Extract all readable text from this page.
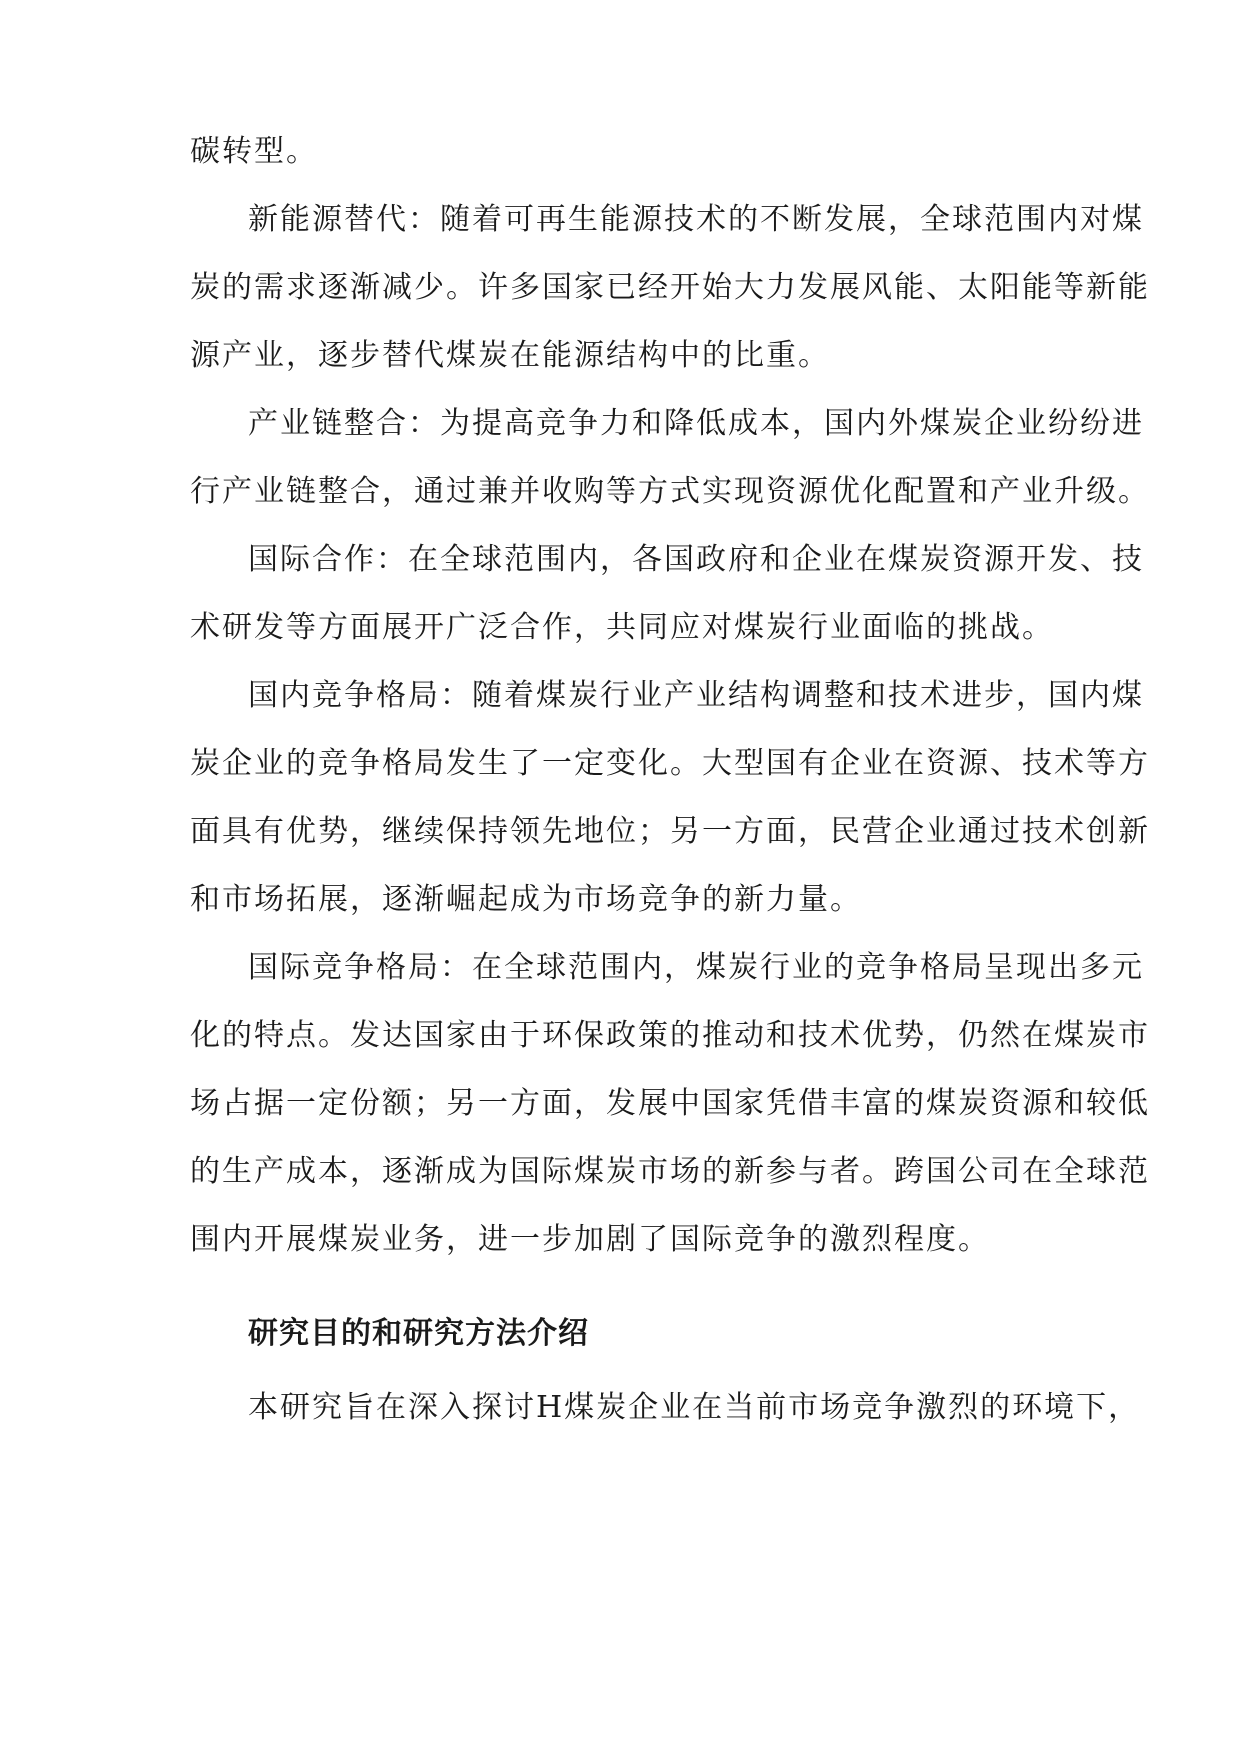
碳转型。
新能源替代：随着可再生能源技术的不断发展，全球范围内对煤
炭的需求逐渐减少。许多国家已经开始大力发展风能、太阳能等新能
源产业，逐步替代煤炭在能源结构中的比重。
产业链整合：为提高竞争力和降低成本，国内外煤炭企业纷纷进
行产业链整合，通过兼并收购等方式实现资源优化配置和产业升级。
国际合作：在全球范围内，各国政府和企业在煤炭资源开发、技
术研发等方面展开广泛合作，共同应对煤炭行业面临的挑战。
国内竞争格局：随着煤炭行业产业结构调整和技术进步，国内煤
炭企业的竞争格局发生了一定变化。大型国有企业在资源、技术等方
面具有优势，继续保持领先地位；另一方面，民营企业通过技术创新
和市场拓展，逐渐崛起成为市场竞争的新力量。
国际竞争格局：在全球范围内，煤炭行业的竞争格局呈现出多元
化的特点。发达国家由于环保政策的推动和技术优势，仍然在煤炭市
场占据一定份额；另一方面，发展中国家凭借丰富的煤炭资源和较低
的生产成本，逐渐成为国际煤炭市场的新参与者。跨国公司在全球范
围内开展煤炭业务，进一步加剧了国际竞争的激烈程度。
研究目的和研究方法介绍
本研究旨在深入探讨H煤炭企业在当前市场竞争激烈的环境下，
